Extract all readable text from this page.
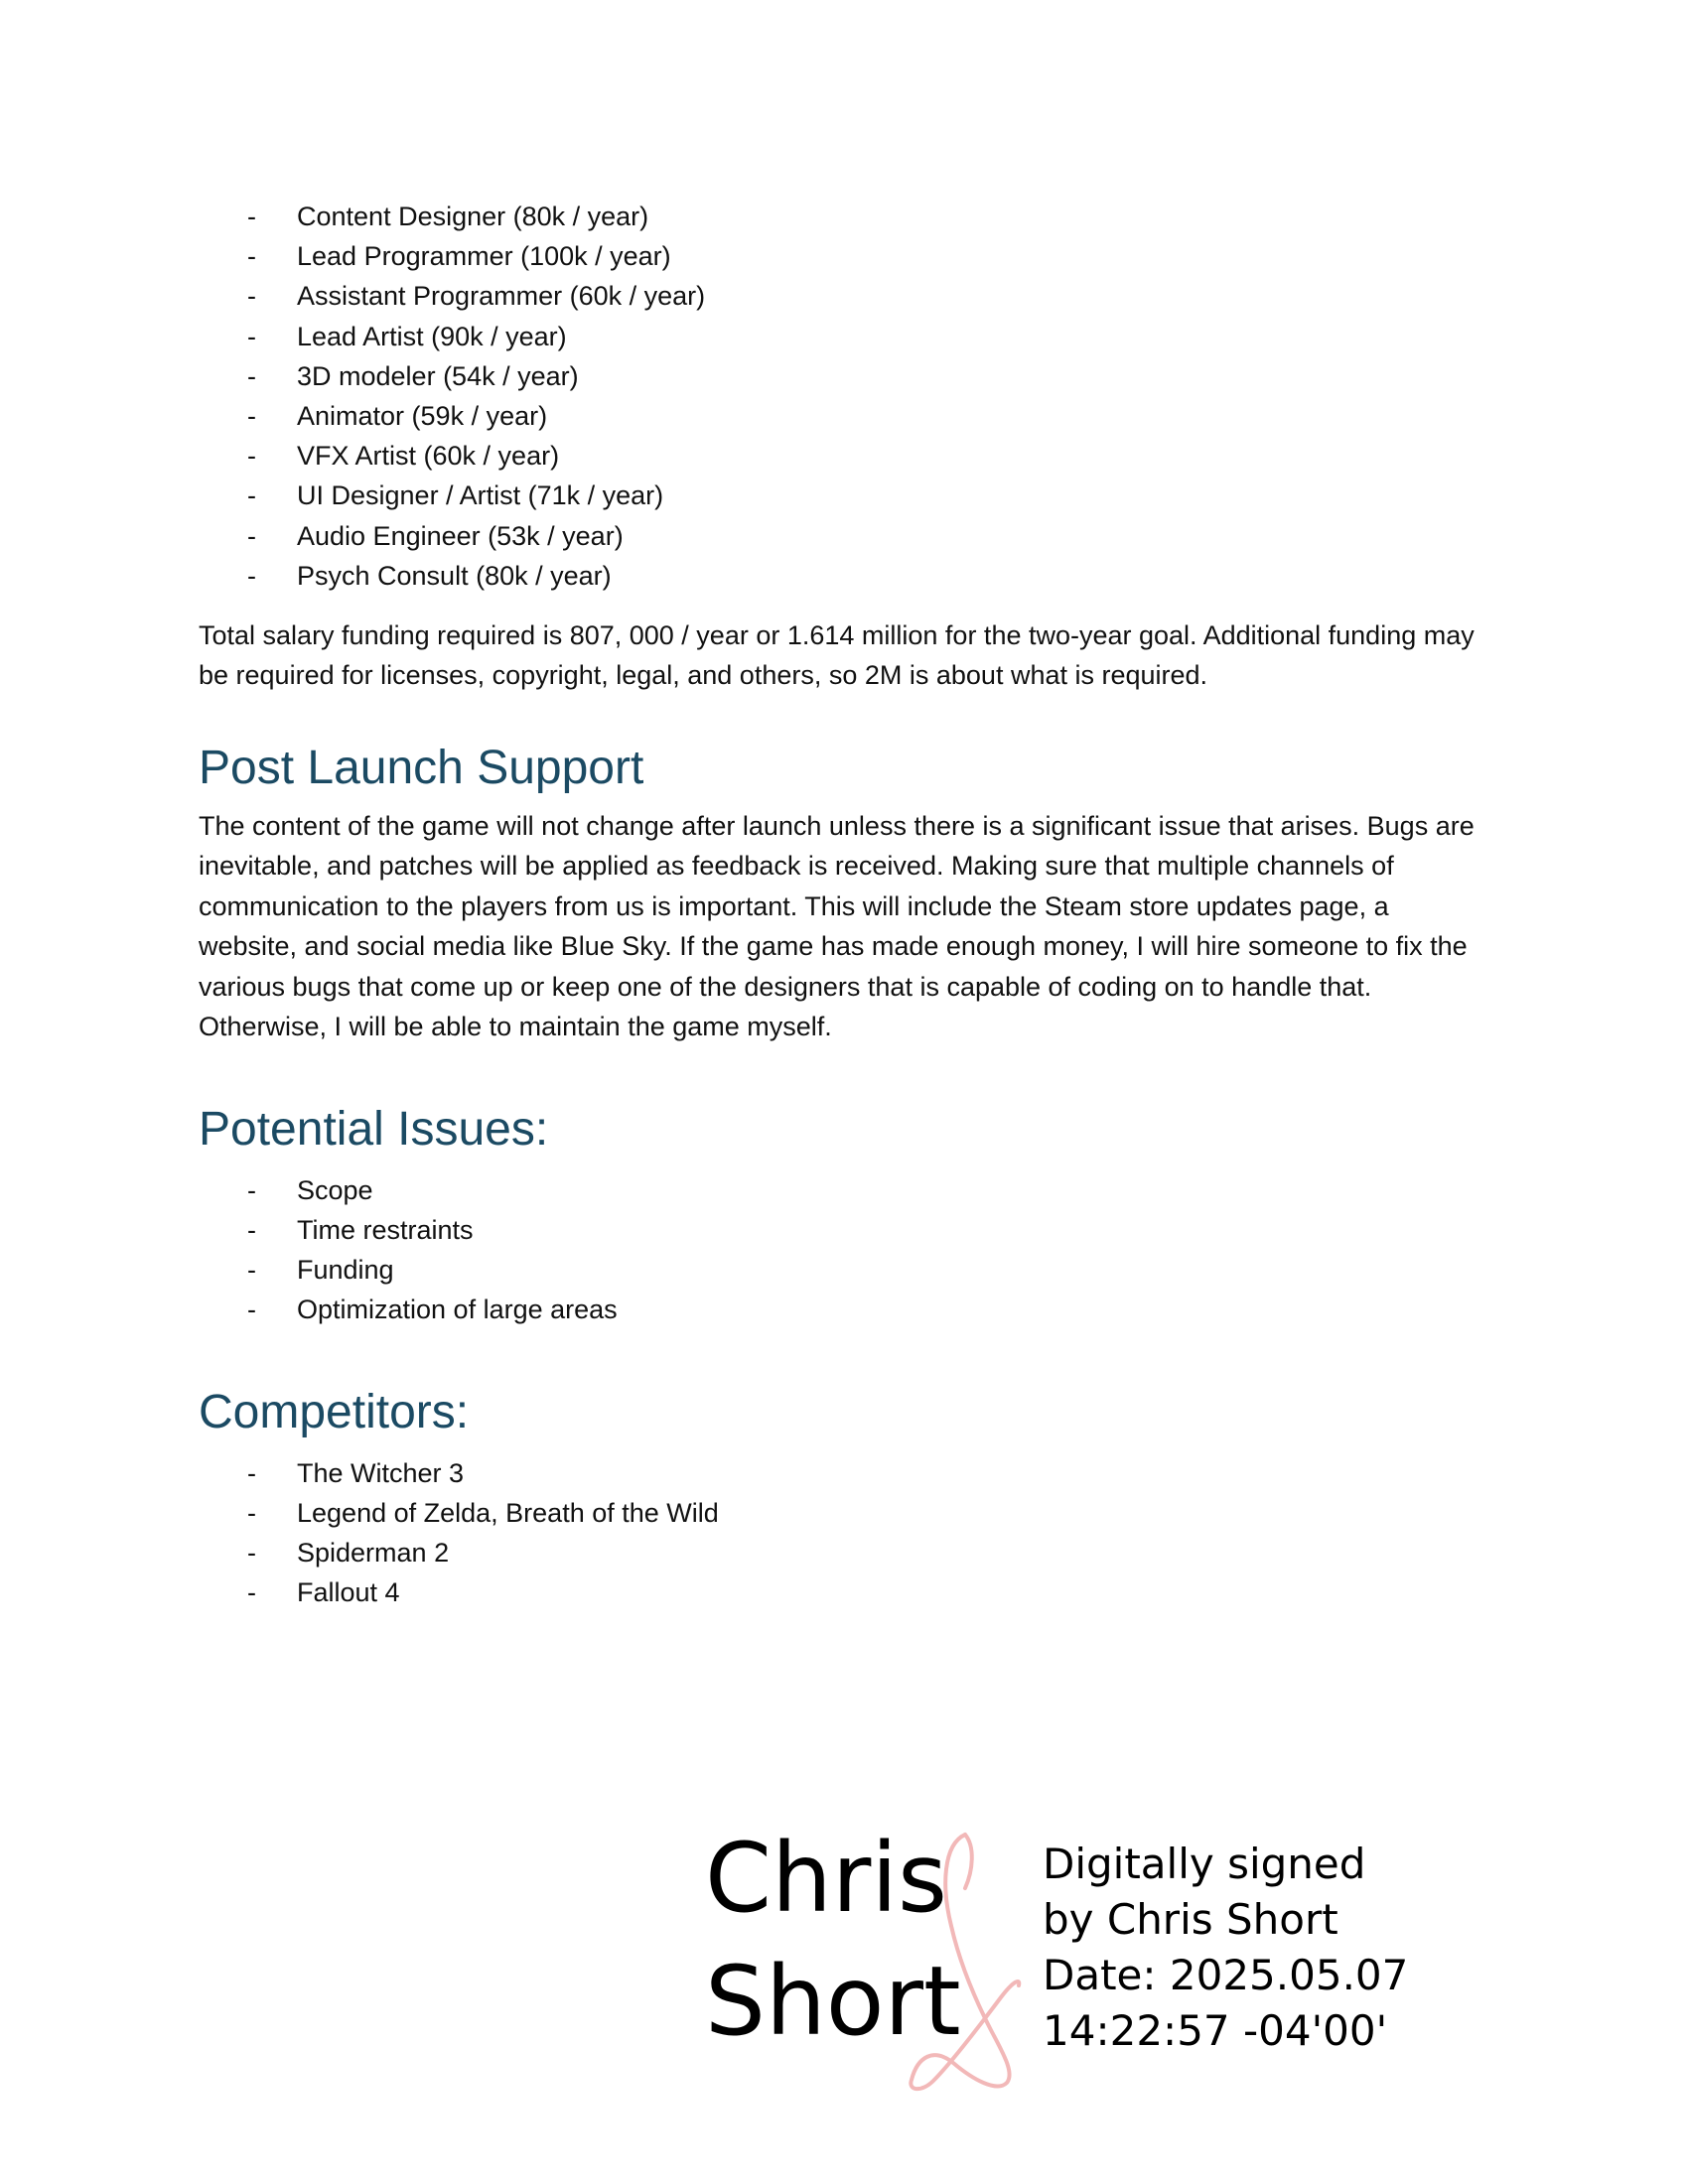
- Content Designer (80k / year)
- Lead Programmer (100k / year)
- Assistant Programmer (60k / year)
- Lead Artist (90k / year)
- 3D modeler (54k / year)
- Animator (59k / year)
- VFX Artist (60k / year)
- UI Designer / Artist (71k / year)
- Audio Engineer (53k / year)
- Psych Consult (80k / year)

Total salary funding required is 807, 000 / year or 1.614 million for the two-year goal. Additional funding may be required for licenses, copyright, legal, and others, so 2M is about what is required.

Post Launch Support

The content of the game will not change after launch unless there is a significant issue that arises. Bugs are inevitable, and patches will be applied as feedback is received. Making sure that multiple channels of communication to the players from us is important. This will include the Steam store updates page, a website, and social media like Blue Sky. If the game has made enough money, I will hire someone to fix the various bugs that come up or keep one of the designers that is capable of coding on to handle that. Otherwise, I will be able to maintain the game myself.

Potential Issues:
- Scope
- Time restraints
- Funding
- Optimization of large areas
Competitors:
- The Witcher 3
- Legend of Zelda, Breath of the Wild
- Spiderman 2
- Fallout 4
Chris
Short
Digitally signed
by Chris Short
Date: 2025.05.07
14:22:57 -04'00'
